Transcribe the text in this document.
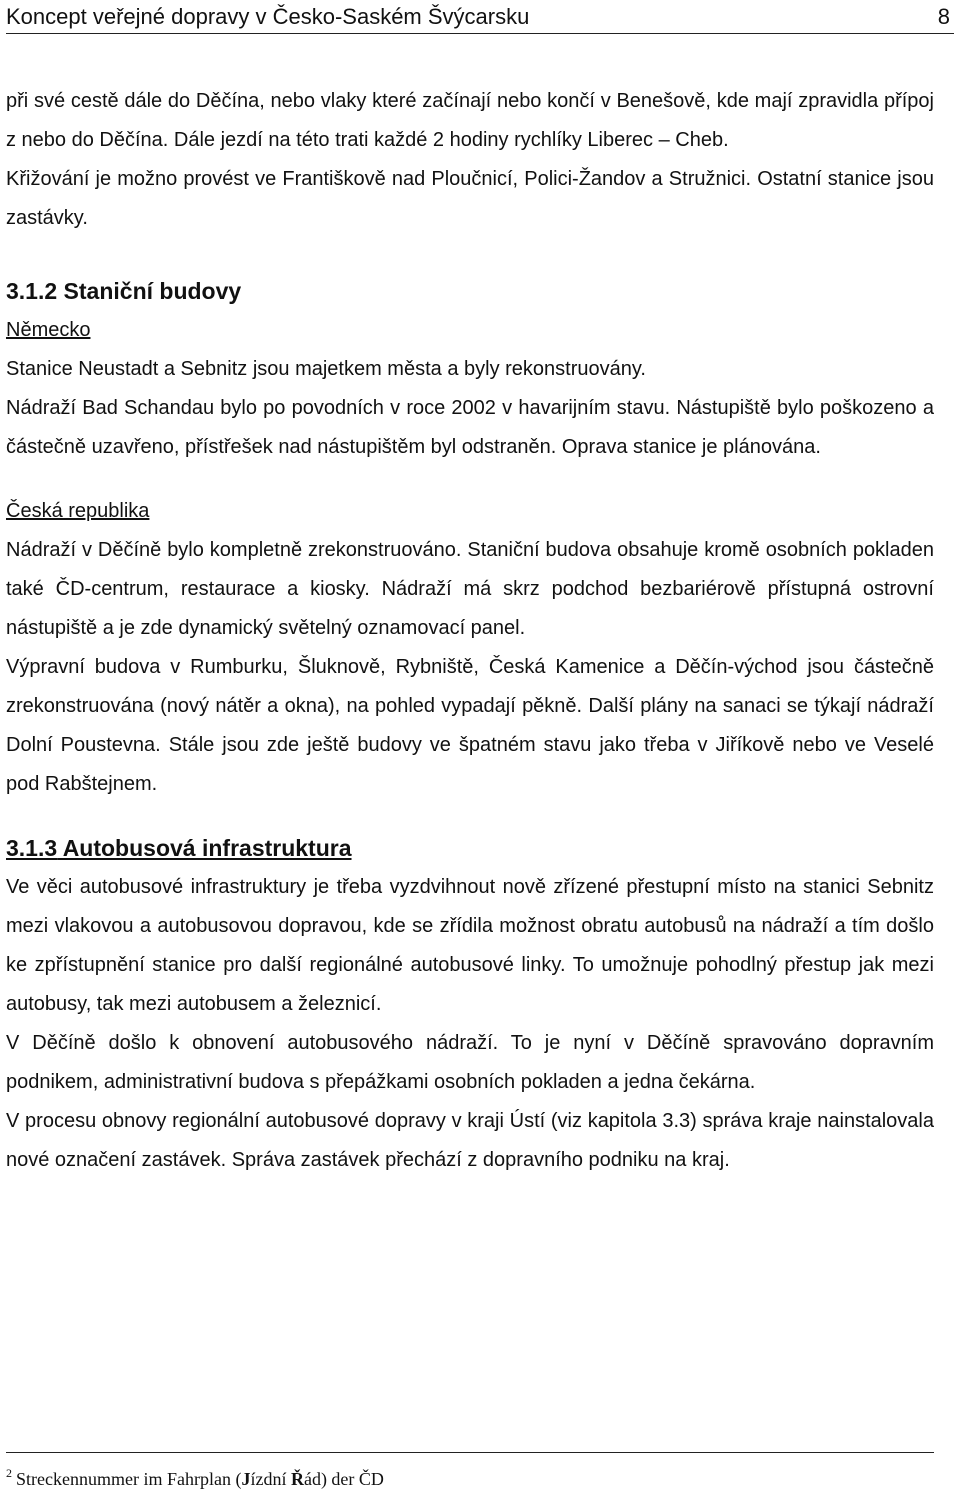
Koncept veřejné dopravy v Česko-Saském Švýcarsku	8

při své cestě dále do Děčína, nebo vlaky které začínají nebo končí v Benešově, kde mají zpravidla přípoj z nebo do Děčína. Dále jezdí na této trati každé 2 hodiny rychlíky Liberec – Cheb.

Křižování je možno provést ve Františkově nad Ploučnicí, Polici-Žandov a Stružnici. Ostatní stanice jsou zastávky.

3.1.2 Staniční budovy

Německo

Stanice Neustadt a Sebnitz jsou majetkem města a byly rekonstruovány.

Nádraží Bad Schandau bylo po povodních v roce 2002 v havarijním stavu. Nástupiště bylo poškozeno a částečně uzavřeno, přístřešek nad nástupištěm byl odstraněn. Oprava stanice je plánována.

Česká republika

Nádraží v Děčíně bylo kompletně zrekonstruováno. Staniční budova obsahuje kromě osobních pokladen také ČD-centrum, restaurace a kiosky. Nádraží má skrz podchod bezbariérově přístupná ostrovní nástupiště a je zde dynamický světelný oznamovací panel.

Výpravní budova v Rumburku, Šluknově, Rybniště, Česká Kamenice a Děčín-východ jsou částečně zrekonstruována (nový nátěr a okna), na pohled vypadají pěkně. Další plány na sanaci se týkají nádraží Dolní Poustevna. Stále jsou zde ještě budovy ve špatném stavu jako třeba v Jiříkově nebo ve Veselé pod Rabštejnem.

3.1.3 Autobusová infrastruktura

Ve věci autobusové infrastruktury je třeba vyzdvihnout nově zřízené přestupní místo na stanici Sebnitz mezi vlakovou a autobusovou dopravou, kde se zřídila možnost obratu autobusů na nádraží a tím došlo ke zpřístupnění stanice pro další regionálné autobusové linky. To umožnuje pohodlný přestup jak mezi autobusy, tak mezi autobusem a železnicí.

V Děčíně došlo k obnovení autobusového nádraží. To je nyní v Děčíně spravováno dopravním podnikem, administrativní budova s přepážkami osobních pokladen a jedna čekárna.

V procesu obnovy regionální autobusové dopravy v kraji Ústí (viz kapitola 3.3) správa kraje nainstalovala nové označení zastávek. Správa zastávek přechází z dopravního podniku na kraj.

$^2$ Streckennummer im Fahrplan (Jízdní Řád) der ČD
